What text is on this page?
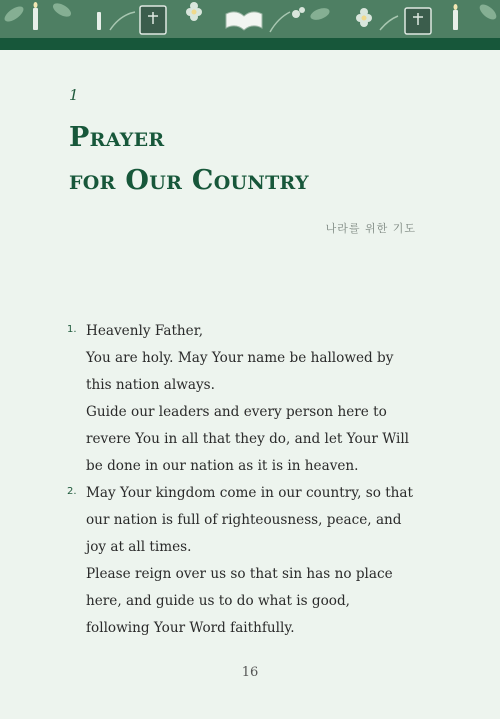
1
Prayer
for Our Country
나라를 위한 기도
1. Heavenly Father,

You are holy. May Your name be hallowed by this nation always.

Guide our leaders and every person here to revere You in all that they do, and let Your Will be done in our nation as it is in heaven.

2. May Your kingdom come in our country, so that our nation is full of righteousness, peace, and joy at all times.

Please reign over us so that sin has no place here, and guide us to do what is good, following Your Word faithfully.

16
